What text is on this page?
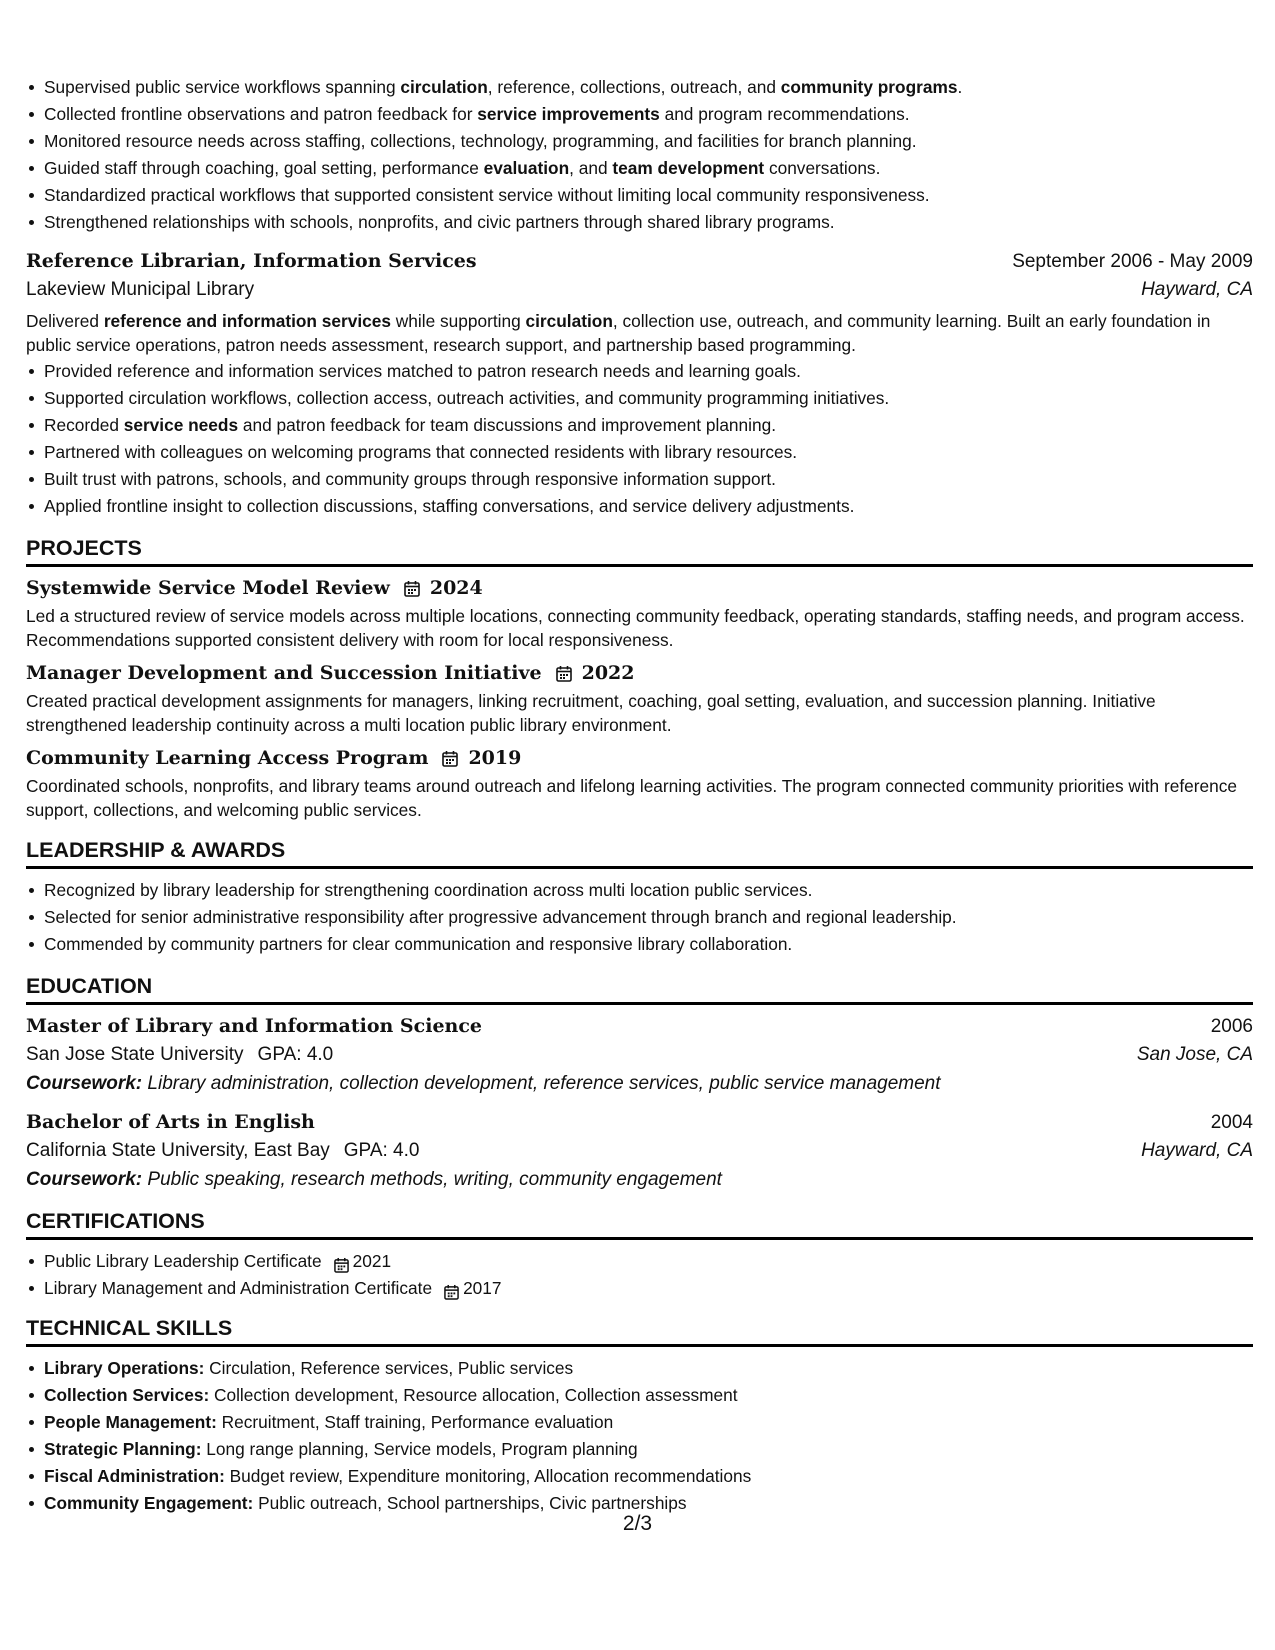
Supervised public service workflows spanning circulation, reference, collections, outreach, and community programs.
Collected frontline observations and patron feedback for service improvements and program recommendations.
Monitored resource needs across staffing, collections, technology, programming, and facilities for branch planning.
Guided staff through coaching, goal setting, performance evaluation, and team development conversations.
Standardized practical workflows that supported consistent service without limiting local community responsiveness.
Strengthened relationships with schools, nonprofits, and civic partners through shared library programs.
Reference Librarian, Information Services	September 2006 - May 2009
Lakeview Municipal Library	Hayward, CA
Delivered reference and information services while supporting circulation, collection use, outreach, and community learning. Built an early foundation in public service operations, patron needs assessment, research support, and partnership based programming.
Provided reference and information services matched to patron research needs and learning goals.
Supported circulation workflows, collection access, outreach activities, and community programming initiatives.
Recorded service needs and patron feedback for team discussions and improvement planning.
Partnered with colleagues on welcoming programs that connected residents with library resources.
Built trust with patrons, schools, and community groups through responsive information support.
Applied frontline insight to collection discussions, staffing conversations, and service delivery adjustments.
PROJECTS
Systemwide Service Model Review 2024
Led a structured review of service models across multiple locations, connecting community feedback, operating standards, staffing needs, and program access. Recommendations supported consistent delivery with room for local responsiveness.
Manager Development and Succession Initiative 2022
Created practical development assignments for managers, linking recruitment, coaching, goal setting, evaluation, and succession planning. Initiative strengthened leadership continuity across a multi location public library environment.
Community Learning Access Program 2019
Coordinated schools, nonprofits, and library teams around outreach and lifelong learning activities. The program connected community priorities with reference support, collections, and welcoming public services.
LEADERSHIP & AWARDS
Recognized by library leadership for strengthening coordination across multi location public services.
Selected for senior administrative responsibility after progressive advancement through branch and regional leadership.
Commended by community partners for clear communication and responsive library collaboration.
EDUCATION
Master of Library and Information Science	2006
San Jose State University GPA: 4.0	San Jose, CA
Coursework: Library administration, collection development, reference services, public service management
Bachelor of Arts in English	2004
California State University, East Bay GPA: 4.0	Hayward, CA
Coursework: Public speaking, research methods, writing, community engagement
CERTIFICATIONS
Public Library Leadership Certificate 2021
Library Management and Administration Certificate 2017
TECHNICAL SKILLS
Library Operations: Circulation, Reference services, Public services
Collection Services: Collection development, Resource allocation, Collection assessment
People Management: Recruitment, Staff training, Performance evaluation
Strategic Planning: Long range planning, Service models, Program planning
Fiscal Administration: Budget review, Expenditure monitoring, Allocation recommendations
Community Engagement: Public outreach, School partnerships, Civic partnerships
2/3
